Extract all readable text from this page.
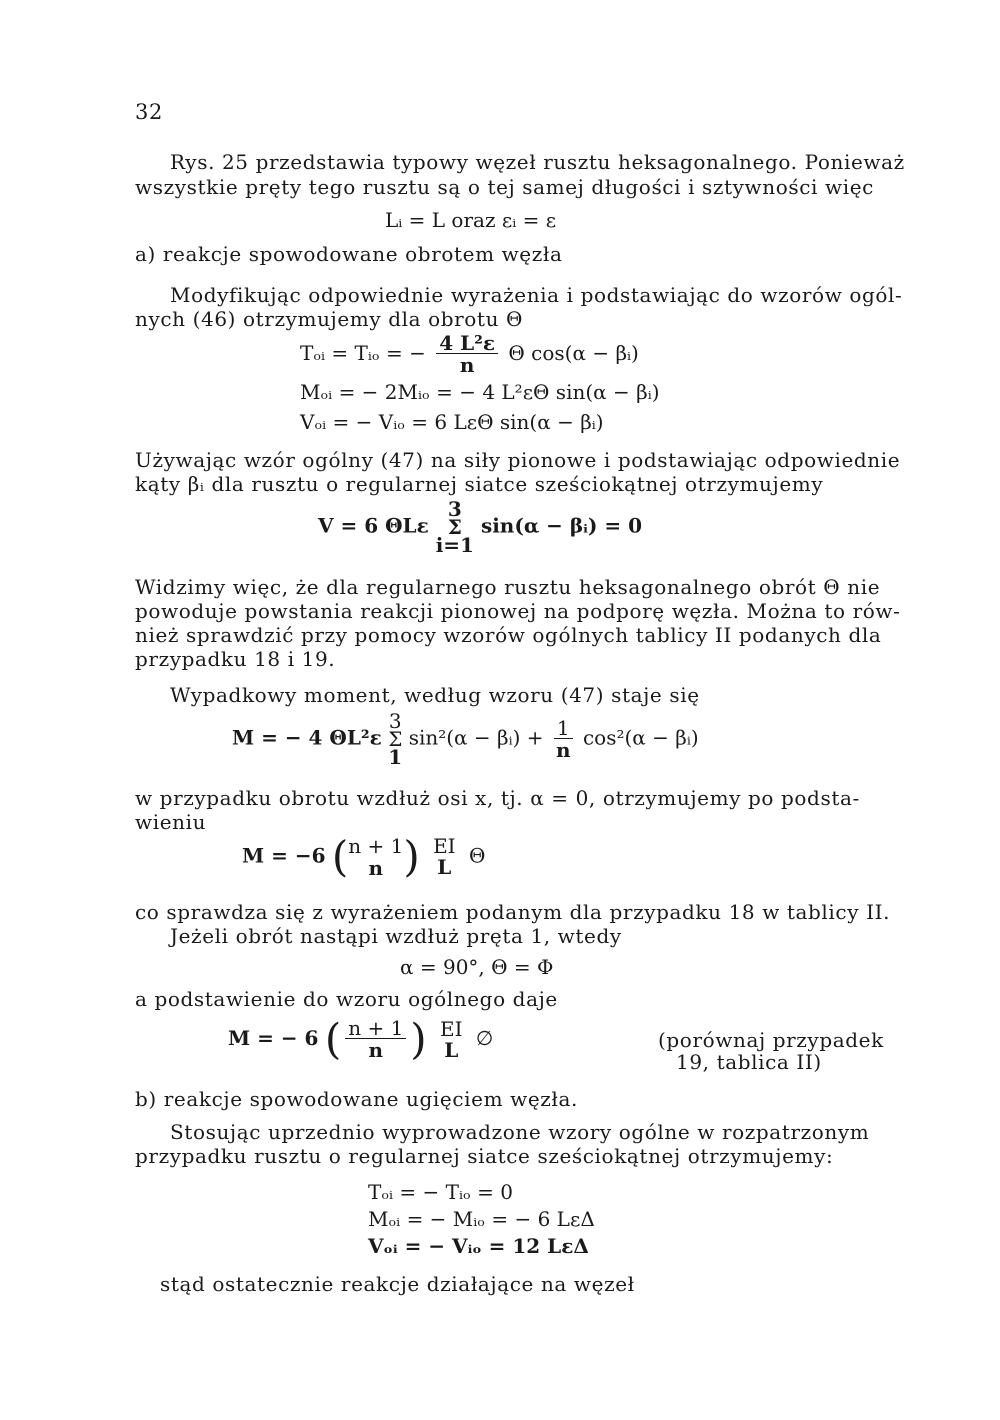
32
Rys. 25 przedstawia typowy węzeł rusztu heksagonalnego. Ponieważ
wszystkie pręty tego rusztu są o tej samej długości i sztywności więc
Lᵢ = L oraz εᵢ = ε
a) reakcje spowodowane obrotem węzła
Modyfikując odpowiednie wyrażenia i podstawiając do wzorów ogól-
nych (46) otrzymujemy dla obrotu Θ
Tₒᵢ = Tᵢₒ = − $\frac{\text{4 L²ε}}{n}$ Θ cos(α − βᵢ)
Mₒᵢ = − 2Mᵢₒ = − 4 L²εΘ sin(α − βᵢ)
Vₒᵢ = − Vᵢₒ = 6 LεΘ sin(α − βᵢ)
Używając wzór ogólny (47) na siły pionowe i podstawiając odpowiednie
kąty βᵢ dla rusztu o regularnej siatce sześciokątnej otrzymujemy
V = 6 ΘLε
3
Σ
i=1
sin(α − βᵢ) = 0
Widzimy więc, że dla regularnego rusztu heksagonalnego obrót Θ nie
powoduje powstania reakcji pionowej na podporę węzła. Można to rów-
nież sprawdzić przy pomocy wzorów ogólnych tablicy II podanych dla
przypadku 18 i 19.
Wypadkowy moment, według wzoru (47) staje się
M = − 4 ΘL²ε
3
Σ
1
sin²(α − βᵢ) + $\frac{1}{n} \cos^2(\alpha$ − βᵢ)
w przypadku obrotu wzdłuż osi x, tj. α = 0, otrzymujemy po podsta-
wieniu
M = −6 ( n + 1
n ) EI
L Θ
co sprawdza się z wyrażeniem podanym dla przypadku 18 w tablicy II.
Jeżeli obrót nastąpi wzdłuż pręta 1, wtedy
α = 90°, Θ = Φ
a podstawienie do wzoru ogólnego daje
M = − 6 ( $\frac{n + 1}{n}$ ) EI
L ∅	(porównaj przypadek
19, tablica II)
b) reakcje spowodowane ugięciem węzła.
Stosując uprzednio wyprowadzone wzory ogólne w rozpatrzonym
przypadku rusztu o regularnej siatce sześciokątnej otrzymujemy:
Tₒᵢ = − Tᵢₒ = 0
Mₒᵢ = − Mᵢₒ = − 6 LεΔ
Vₒᵢ = − Vᵢₒ = 12 LεΔ
stąd ostatecznie reakcje działające na węzeł
